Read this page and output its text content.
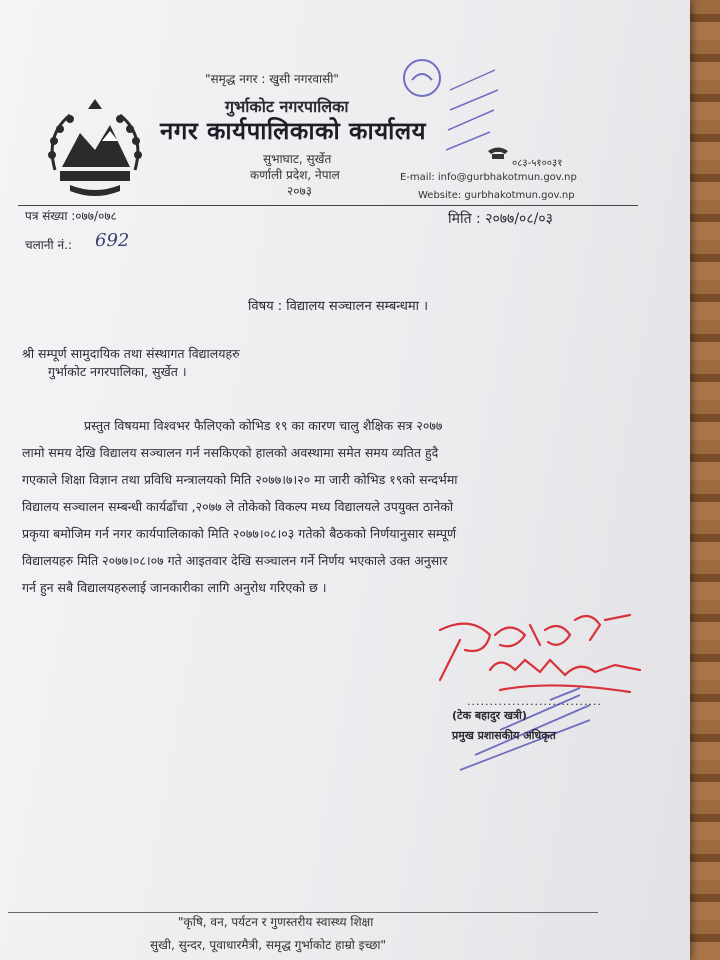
"समृद्ध नगर : खुसी नगरवासी"
गुर्भाकोट नगरपालिका
नगर कार्यपालिकाको कार्यालय
सुभाघाट, सुर्खेत
कर्णाली प्रदेश, नेपाल
२०७३
०८३-५१००३१
E-mail: info@gurbhakotmun.gov.np
Website: gurbhakotmun.gov.np
पत्र संख्या :०७७/०७८	मिति : २०७७/०८/०३
चलानी नं.: 692
विषय : विद्यालय सञ्चालन सम्बन्धमा ।
श्री सम्पूर्ण सामुदायिक तथा संस्थागत विद्यालयहरु
गुर्भाकोट नगरपालिका, सुर्खेत ।
प्रस्तुत विषयमा विश्वभर फैलिएको कोभिड १९ का कारण चालु शैक्षिक सत्र २०७७
लामो समय देखि विद्यालय सञ्चालन गर्न नसकिएको हालको अवस्थामा समेत समय व्यतित हुदै
गएकाले शिक्षा विज्ञान तथा प्रविधि मन्त्रालयको मिति २०७७।७।२० मा जारी कोभिड १९को सन्दर्भमा
विद्यालय सञ्चालन सम्बन्धी कार्यढाँचा ,२०७७ ले तोकेको विकल्प मध्य विद्यालयले उपयुक्त ठानेको
प्रकृया बमोजिम गर्न नगर कार्यपालिकाको मिति २०७७।०८।०३ गतेको बैठकको निर्णयानुसार सम्पूर्ण
विद्यालयहरु मिति २०७७।०८।०७ गते आइतवार देखि सञ्चालन गर्ने निर्णय भएकाले उक्त अनुसार
गर्न हुन सबै विद्यालयहरुलाई जानकारीका लागि अनुरोध गरिएको छ ।
..............................
(टेक बहादुर खत्री)
प्रमुख प्रशासकीय अधिकृत
"कृषि, वन, पर्यटन र गुणस्तरीय स्वास्थ्य शिक्षा
सुखी, सुन्दर, पूवाधारमैत्री, समृद्ध गुर्भाकोट हाम्रो इच्छा"
